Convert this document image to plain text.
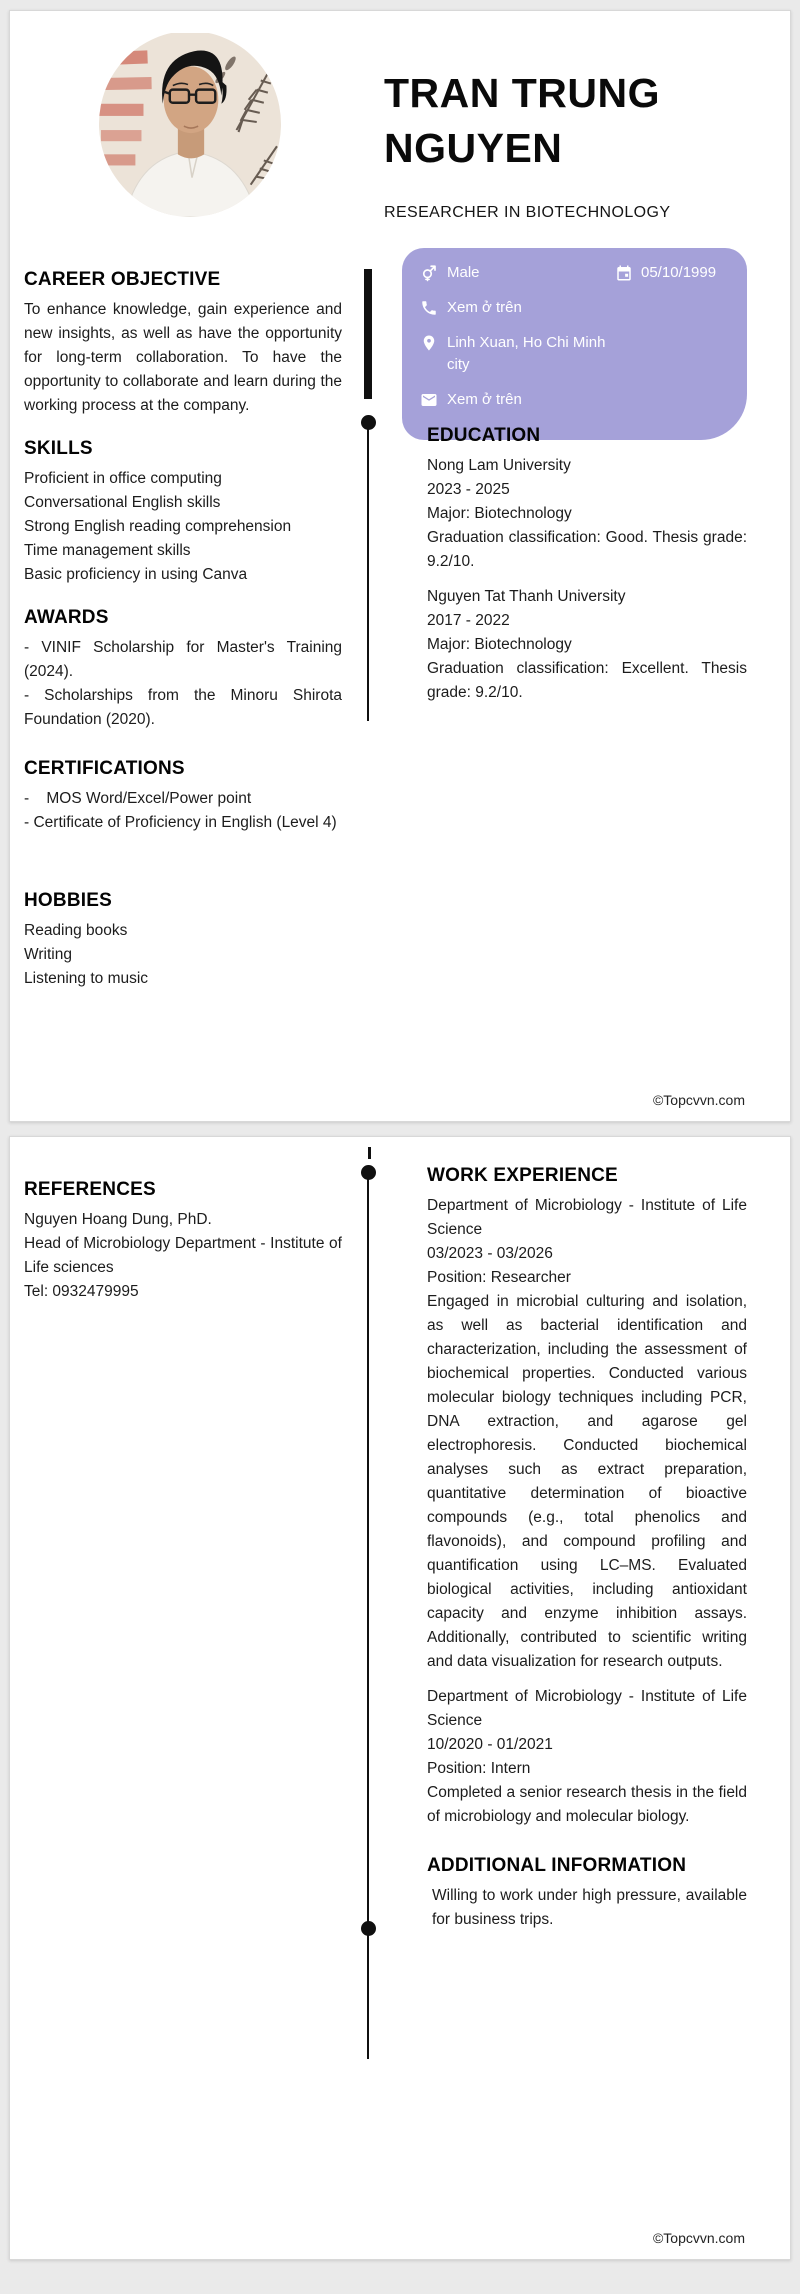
TRAN TRUNG NGUYEN
RESEARCHER IN BIOTECHNOLOGY
Male	05/10/1999
Xem ở trên
Linh Xuan, Ho Chi Minh city
Xem ở trên
CAREER OBJECTIVE
To enhance knowledge, gain experience and new insights, as well as have the opportunity for long-term collaboration. To have the opportunity to collaborate and learn during the working process at the company.
SKILLS
Proficient in office computing
Conversational English skills
Strong English reading comprehension
Time management skills
Basic proficiency in using Canva
AWARDS
- VINIF Scholarship for Master's Training (2024).
- Scholarships from the Minoru Shirota Foundation (2020).
CERTIFICATIONS
-    MOS Word/Excel/Power point
- Certificate of Proficiency in English (Level 4)
HOBBIES
Reading books
Writing
Listening to music
EDUCATION
Nong Lam University
2023 - 2025
Major: Biotechnology
Graduation classification: Good. Thesis grade: 9.2/10.
Nguyen Tat Thanh University
2017 - 2022
Major: Biotechnology
Graduation classification: Excellent. Thesis grade: 9.2/10.
©Topcvvn.com
REFERENCES
Nguyen Hoang Dung, PhD.
Head of Microbiology Department - Institute of Life sciences
Tel: 0932479995
WORK EXPERIENCE
Department of Microbiology - Institute of Life Science
03/2023 - 03/2026
Position: Researcher
Engaged in microbial culturing and isolation, as well as bacterial identification and characterization, including the assessment of biochemical properties. Conducted various molecular biology techniques including PCR, DNA extraction, and agarose gel electrophoresis. Conducted biochemical analyses such as extract preparation, quantitative determination of bioactive compounds (e.g., total phenolics and flavonoids), and compound profiling and quantification using LC–MS. Evaluated biological activities, including antioxidant capacity and enzyme inhibition assays. Additionally, contributed to scientific writing and data visualization for research outputs.
Department of Microbiology - Institute of Life Science
10/2020 - 01/2021
Position: Intern
Completed a senior research thesis in the field of microbiology and molecular biology.
ADDITIONAL INFORMATION
Willing to work under high pressure, available for business trips.
©Topcvvn.com
